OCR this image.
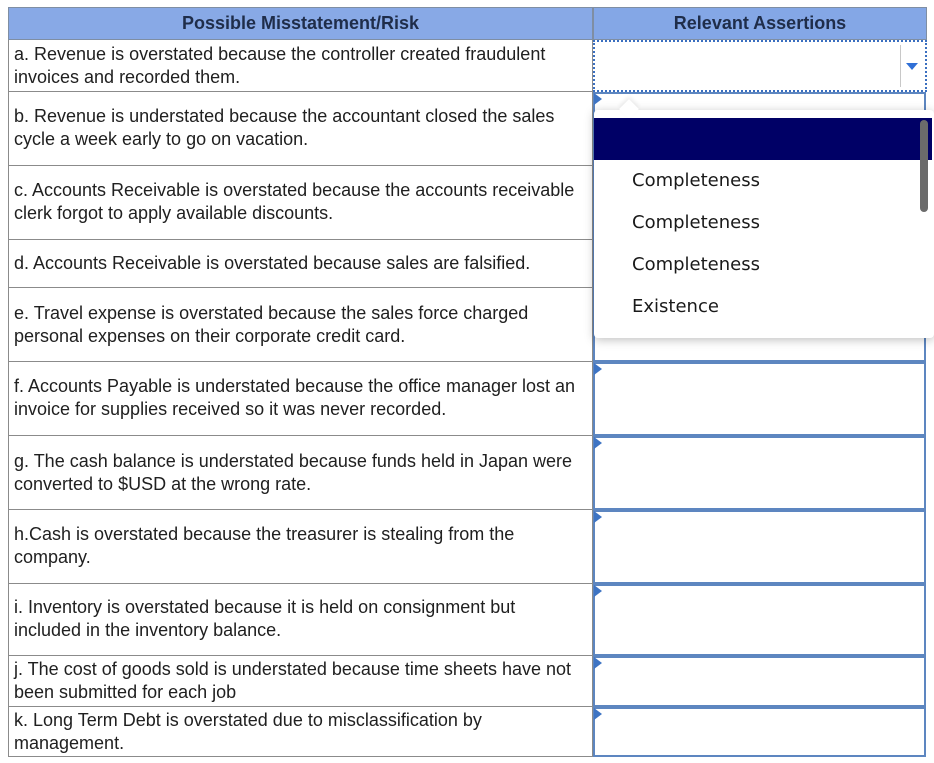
Possible Misstatement/Risk	Relevant Assertions
a. Revenue is overstated because the controller created fraudulent invoices and recorded them.
b. Revenue is understated because the accountant closed the sales cycle a week early to go on vacation.
c. Accounts Receivable is overstated because the accounts receivable clerk forgot to apply available discounts.
d. Accounts Receivable is overstated because sales are falsified.
e. Travel expense is overstated because the sales force charged personal expenses on their corporate credit card.
f. Accounts Payable is understated because the office manager lost an invoice for supplies received so it was never recorded.
g. The cash balance is understated because funds held in Japan were converted to $USD at the wrong rate.
h.Cash is overstated because the treasurer is stealing from the company.
i. Inventory is overstated because it is held on consignment but included in the inventory balance.
j. The cost of goods sold is understated because time sheets have not been submitted for each job
k. Long Term Debt is overstated due to misclassification by management.
Completeness
Completeness
Completeness
Existence
